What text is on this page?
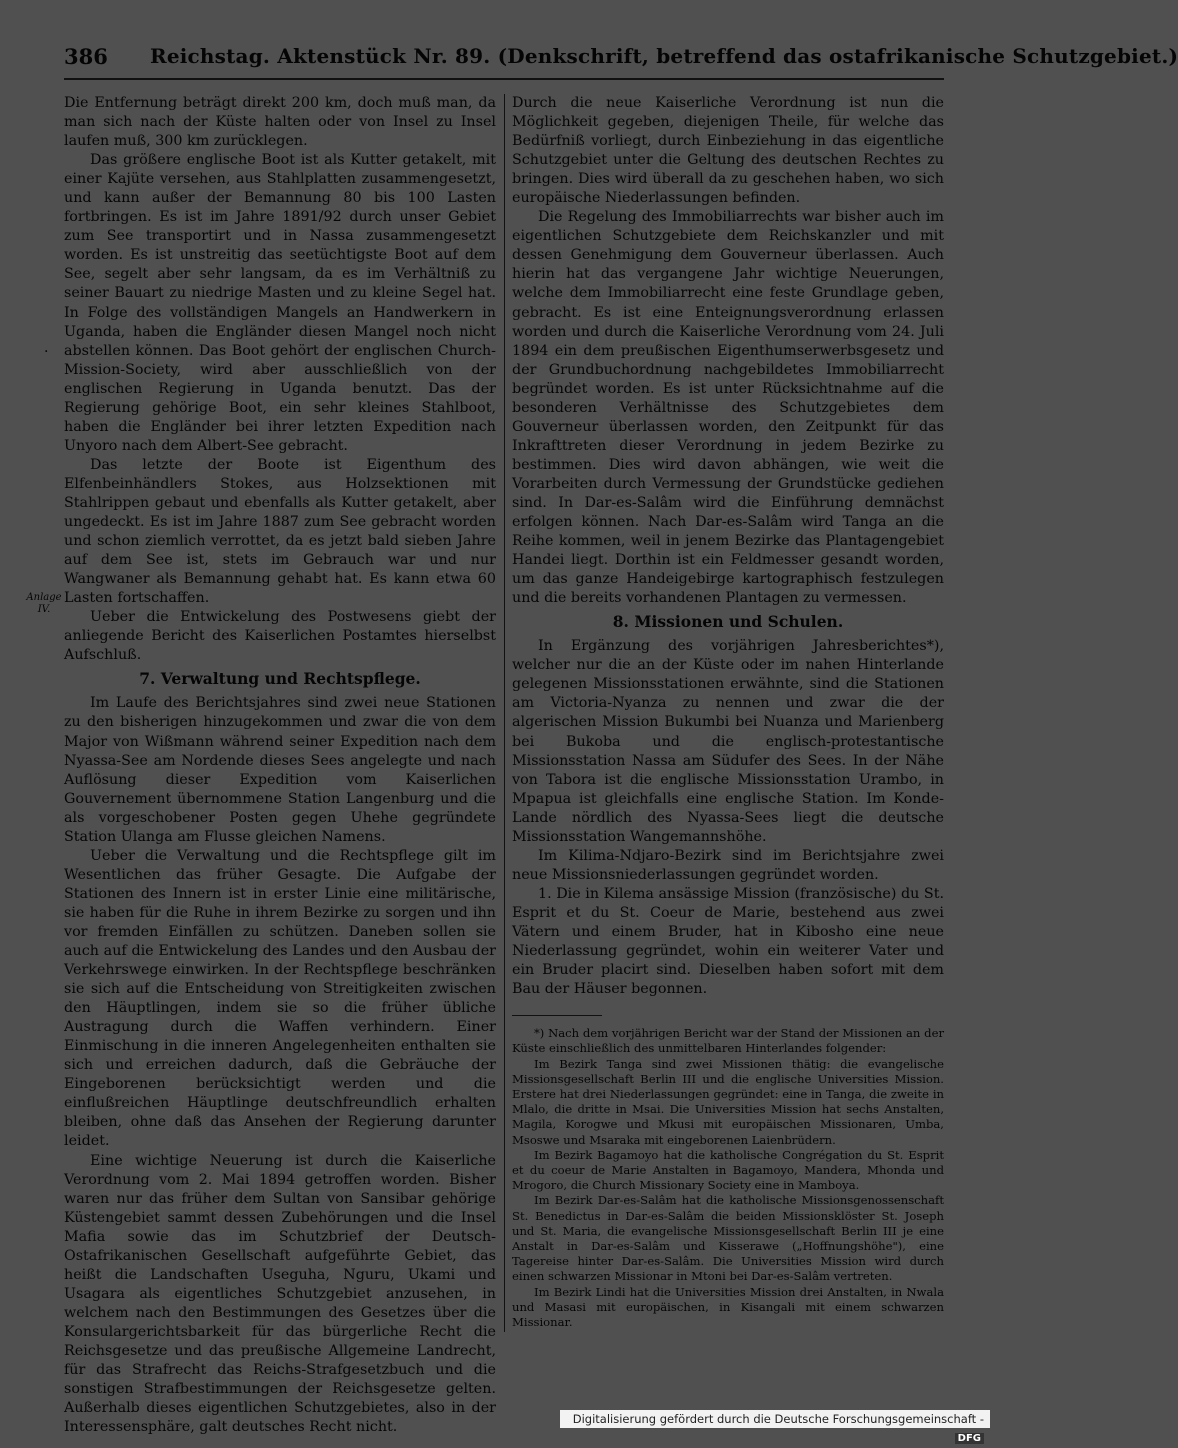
386 Reichstag. Aktenstück Nr. 89. (Denkschrift, betreffend das ostafrikanische Schutzgebiet.)
.
Anlage IV.

Die Entfernung beträgt direkt 200 km, doch muß man, da man sich nach der Küste halten oder von Insel zu Insel laufen muß, 300 km zurücklegen.

Das größere englische Boot ist als Kutter getakelt, mit einer Kajüte versehen, aus Stahlplatten zusammengesetzt, und kann außer der Bemannung 80 bis 100 Lasten fortbringen. Es ist im Jahre 1891/92 durch unser Gebiet zum See transportirt und in Nassa zusammengesetzt worden. Es ist unstreitig das seetüchtigste Boot auf dem See, segelt aber sehr langsam, da es im Verhältniß zu seiner Bauart zu niedrige Masten und zu kleine Segel hat. In Folge des vollständigen Mangels an Handwerkern in Uganda, haben die Engländer diesen Mangel noch nicht abstellen können. Das Boot gehört der englischen Church-Mission-Society, wird aber ausschließlich von der englischen Regierung in Uganda benutzt. Das der Regierung gehörige Boot, ein sehr kleines Stahlboot, haben die Engländer bei ihrer letzten Expedition nach Unyoro nach dem Albert-See gebracht.

Das letzte der Boote ist Eigenthum des Elfenbeinhändlers Stokes, aus Holzsektionen mit Stahlrippen gebaut und ebenfalls als Kutter getakelt, aber ungedeckt. Es ist im Jahre 1887 zum See gebracht worden und schon ziemlich verrottet, da es jetzt bald sieben Jahre auf dem See ist, stets im Gebrauch war und nur Wangwaner als Bemannung gehabt hat. Es kann etwa 60 Lasten fortschaffen.

Ueber die Entwickelung des Postwesens giebt der anliegende Bericht des Kaiserlichen Postamtes hierselbst Aufschluß.

7. Verwaltung und Rechtspflege.

Im Laufe des Berichtsjahres sind zwei neue Stationen zu den bisherigen hinzugekommen und zwar die von dem Major von Wißmann während seiner Expedition nach dem Nyassa-See am Nordende dieses Sees angelegte und nach Auflösung dieser Expedition vom Kaiserlichen Gouvernement übernommene Station Langenburg und die als vorgeschobener Posten gegen Uhehe gegründete Station Ulanga am Flusse gleichen Namens.

Ueber die Verwaltung und die Rechtspflege gilt im Wesentlichen das früher Gesagte. Die Aufgabe der Stationen des Innern ist in erster Linie eine militärische, sie haben für die Ruhe in ihrem Bezirke zu sorgen und ihn vor fremden Einfällen zu schützen. Daneben sollen sie auch auf die Entwickelung des Landes und den Ausbau der Verkehrswege einwirken. In der Rechtspflege beschränken sie sich auf die Entscheidung von Streitigkeiten zwischen den Häuptlingen, indem sie so die früher übliche Austragung durch die Waffen verhindern. Einer Einmischung in die inneren Angelegenheiten enthalten sie sich und erreichen dadurch, daß die Gebräuche der Eingeborenen berücksichtigt werden und die einflußreichen Häuptlinge deutschfreundlich erhalten bleiben, ohne daß das Ansehen der Regierung darunter leidet.

Eine wichtige Neuerung ist durch die Kaiserliche Verordnung vom 2. Mai 1894 getroffen worden. Bisher waren nur das früher dem Sultan von Sansibar gehörige Küstengebiet sammt dessen Zubehörungen und die Insel Mafia sowie das im Schutzbrief der Deutsch-Ostafrikanischen Gesellschaft aufgeführte Gebiet, das heißt die Landschaften Useguha, Nguru, Ukami und Usagara als eigentliches Schutzgebiet anzusehen, in welchem nach den Bestimmungen des Gesetzes über die Konsulargerichtsbarkeit für das bürgerliche Recht die Reichsgesetze und das preußische Allgemeine Landrecht, für das Strafrecht das Reichs-Strafgesetzbuch und die sonstigen Strafbestimmungen der Reichsgesetze gelten. Außerhalb dieses eigentlichen Schutzgebietes, also in der Interessensphäre, galt deutsches Recht nicht.

Durch die neue Kaiserliche Verordnung ist nun die Möglichkeit gegeben, diejenigen Theile, für welche das Bedürfniß vorliegt, durch Einbeziehung in das eigentliche Schutzgebiet unter die Geltung des deutschen Rechtes zu bringen. Dies wird überall da zu geschehen haben, wo sich europäische Niederlassungen befinden.

Die Regelung des Immobiliarrechts war bisher auch im eigentlichen Schutzgebiete dem Reichskanzler und mit dessen Genehmigung dem Gouverneur überlassen. Auch hierin hat das vergangene Jahr wichtige Neuerungen, welche dem Immobiliarrecht eine feste Grundlage geben, gebracht. Es ist eine Enteignungsverordnung erlassen worden und durch die Kaiserliche Verordnung vom 24. Juli 1894 ein dem preußischen Eigenthumserwerbsgesetz und der Grundbuchordnung nachgebildetes Immobiliarrecht begründet worden. Es ist unter Rücksichtnahme auf die besonderen Verhältnisse des Schutzgebietes dem Gouverneur überlassen worden, den Zeitpunkt für das Inkrafttreten dieser Verordnung in jedem Bezirke zu bestimmen. Dies wird davon abhängen, wie weit die Vorarbeiten durch Vermessung der Grundstücke gediehen sind. In Dar-es-Salâm wird die Einführung demnächst erfolgen können. Nach Dar-es-Salâm wird Tanga an die Reihe kommen, weil in jenem Bezirke das Plantagengebiet Handei liegt. Dorthin ist ein Feldmesser gesandt worden, um das ganze Handeigebirge kartographisch festzulegen und die bereits vorhandenen Plantagen zu vermessen.

8. Missionen und Schulen.

In Ergänzung des vorjährigen Jahresberichtes*), welcher nur die an der Küste oder im nahen Hinterlande gelegenen Missionsstationen erwähnte, sind die Stationen am Victoria-Nyanza zu nennen und zwar die der algerischen Mission Bukumbi bei Nuanza und Marienberg bei Bukoba und die englisch-protestantische Missionsstation Nassa am Südufer des Sees. In der Nähe von Tabora ist die englische Missionsstation Urambo, in Mpapua ist gleichfalls eine englische Station. Im Konde-Lande nördlich des Nyassa-Sees liegt die deutsche Missionsstation Wangemannshöhe.

Im Kilima-Ndjaro-Bezirk sind im Berichtsjahre zwei neue Missionsniederlassungen gegründet worden.

1. Die in Kilema ansässige Mission (französische) du St. Esprit et du St. Coeur de Marie, bestehend aus zwei Vätern und einem Bruder, hat in Kibosho eine neue Niederlassung gegründet, wohin ein weiterer Vater und ein Bruder placirt sind. Dieselben haben sofort mit dem Bau der Häuser begonnen.

*) Nach dem vorjährigen Bericht war der Stand der Missionen an der Küste einschließlich des unmittelbaren Hinterlandes folgender:

Im Bezirk Tanga sind zwei Missionen thätig: die evangelische Missionsgesellschaft Berlin III und die englische Universities Mission. Erstere hat drei Niederlassungen gegründet: eine in Tanga, die zweite in Mlalo, die dritte in Msai. Die Universities Mission hat sechs Anstalten, Magila, Korogwe und Mkusi mit europäischen Missionaren, Umba, Msoswe und Msaraka mit eingeborenen Laienbrüdern.

Im Bezirk Bagamoyo hat die katholische Congrégation du St. Esprit et du coeur de Marie Anstalten in Bagamoyo, Mandera, Mhonda und Mrogoro, die Church Missionary Society eine in Mamboya.

Im Bezirk Dar-es-Salâm hat die katholische Missionsgenossenschaft St. Benedictus in Dar-es-Salâm die beiden Missionsklöster St. Joseph und St. Maria, die evangelische Missionsgesellschaft Berlin III je eine Anstalt in Dar-es-Salâm und Kisserawe („Hoffnungshöhe"), eine Tagereise hinter Dar-es-Salâm. Die Universities Mission wird durch einen schwarzen Missionar in Mtoni bei Dar-es-Salâm vertreten.

Im Bezirk Lindi hat die Universities Mission drei Anstalten, in Nwala und Masasi mit europäischen, in Kisangali mit einem schwarzen Missionar.

Digitalisierung gefördert durch die Deutsche Forschungsgemeinschaft -DFG
